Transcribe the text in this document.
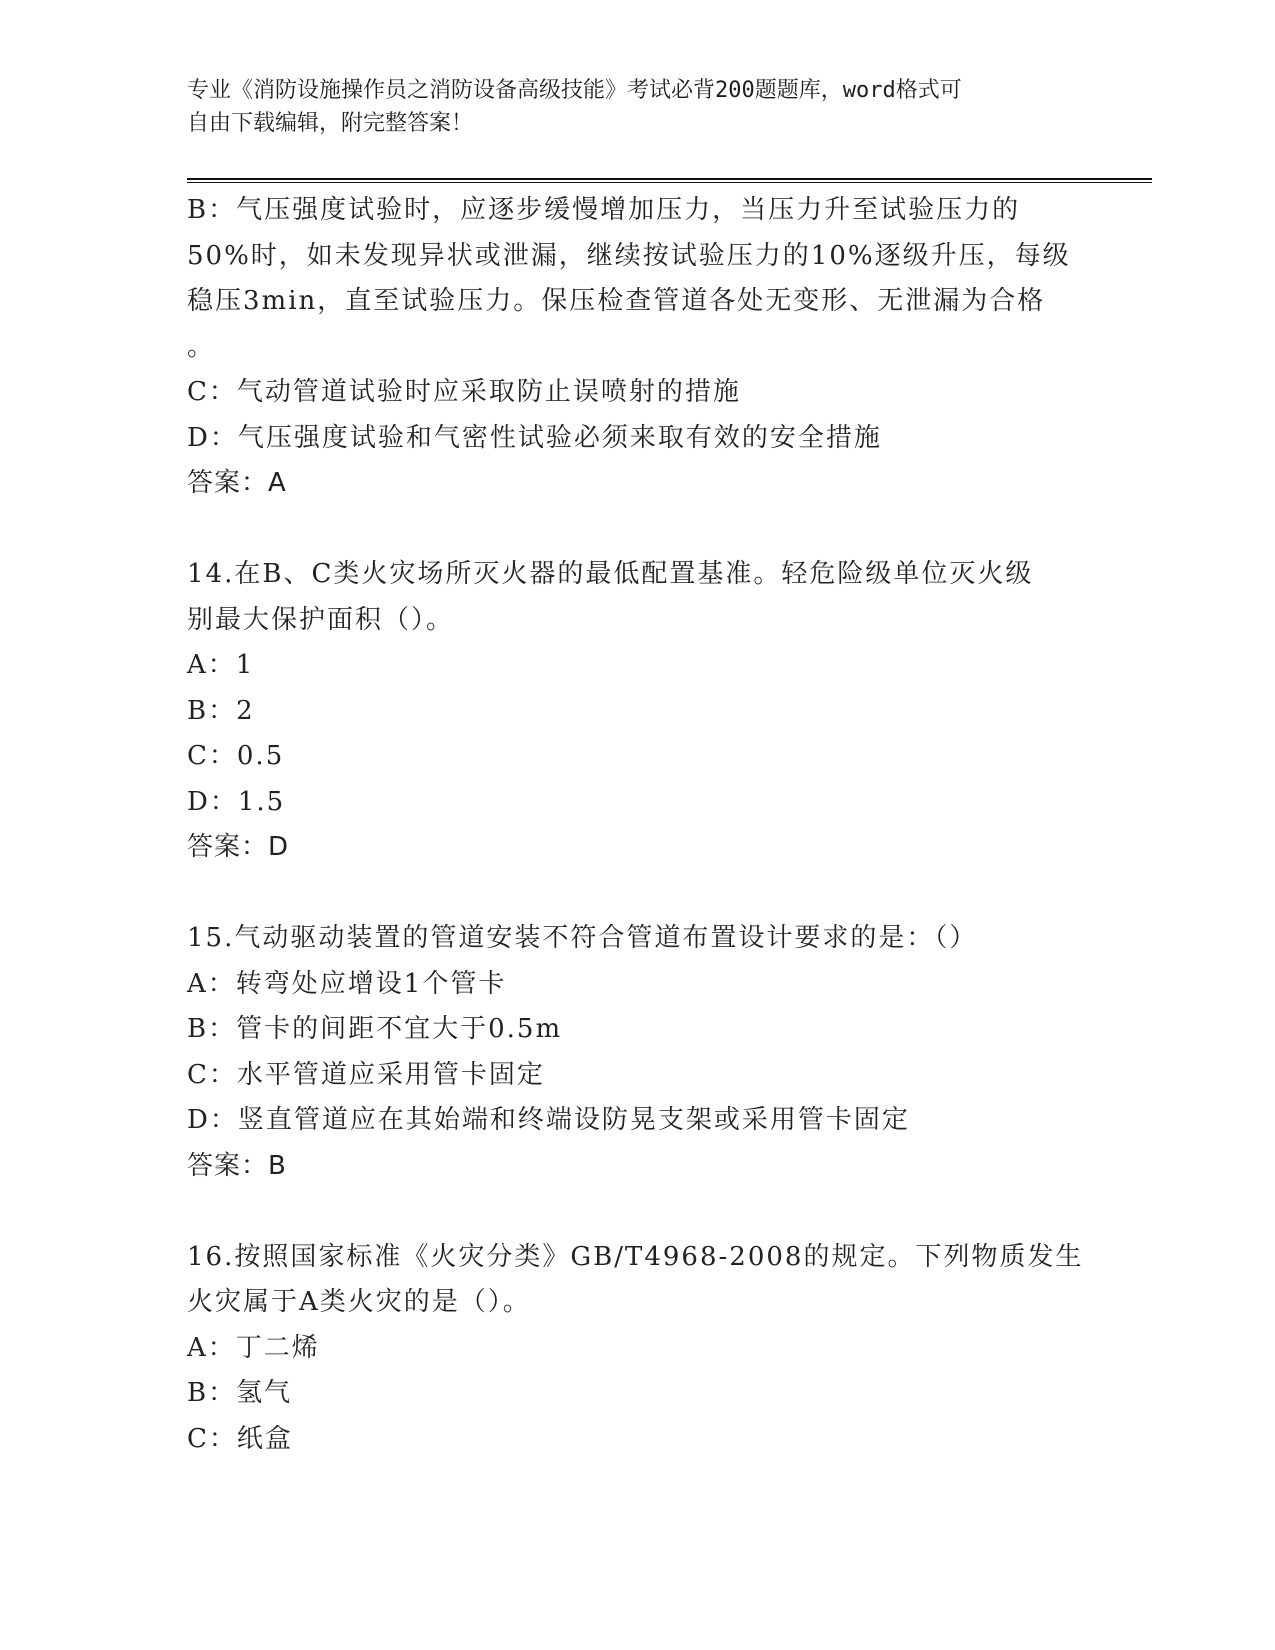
专业《消防设施操作员之消防设备高级技能》考试必背200题题库，word格式可
自由下载编辑，附完整答案！
B：气压强度试验时，应逐步缓慢增加压力，当压力升至试验压力的
50%时，如未发现异状或泄漏，继续按试验压力的10%逐级升压，每级
稳压3min，直至试验压力。保压检查管道各处无变形、无泄漏为合格
。
C：气动管道试验时应采取防止误喷射的措施
D：气压强度试验和气密性试验必须来取有效的安全措施
答案：A
14.在B、C类火灾场所灭火器的最低配置基准。轻危险级单位灭火级
别最大保护面积（）。
A：1
B：2
C：0.5
D：1.5
答案：D
15.气动驱动装置的管道安装不符合管道布置设计要求的是：（）
A：转弯处应增设1个管卡
B：管卡的间距不宜大于0.5m
C：水平管道应采用管卡固定
D：竖直管道应在其始端和终端设防晃支架或采用管卡固定
答案：B
16.按照国家标准《火灾分类》GB/T4968-2008的规定。下列物质发生
火灾属于A类火灾的是（）。
A：丁二烯
B：氢气
C：纸盒
